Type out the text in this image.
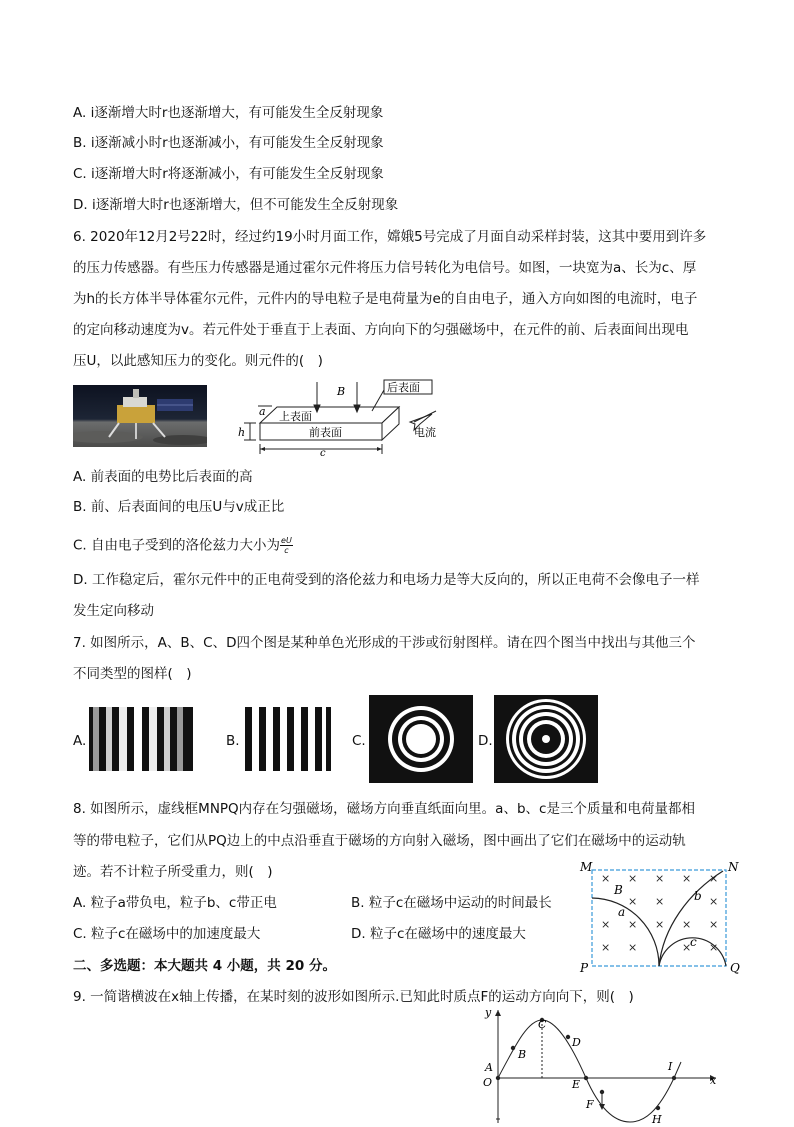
A. i逐渐增大时r也逐渐增大，有可能发生全反射现象
B. i逐渐减小时r也逐渐减小，有可能发生全反射现象
C. i逐渐增大时r将逐渐减小，有可能发生全反射现象
D. i逐渐增大时r也逐渐增大，但不可能发生全反射现象
6. 2020年12月2号22时，经过约19小时月面工作，嫦娥5号完成了月面自动采样封装，这其中要用到许多
的压力传感器。有些压力传感器是通过霍尔元件将压力信号转化为电信号。如图，一块宽为a、长为c、厚
为h的长方体半导体霍尔元件，元件内的导电粒子是电荷量为e的自由电子，通入方向如图的电流时，电子
的定向移动速度为v。若元件处于垂直于上表面、方向向下的匀强磁场中，在元件的前、后表面间出现电
压U，以此感知压力的变化。则元件的(　)
B	后表面
上表面
前表面	电流
a
h
c
A. 前表面的电势比后表面的高
B. 前、后表面间的电压U与v成正比
C. 自由电子受到的洛伦兹力大小为 $\frac{eU}{c}$
D. 工作稳定后，霍尔元件中的正电荷受到的洛伦兹力和电场力是等大反向的，所以正电荷不会像电子一样
发生定向移动
7. 如图所示，A、B、C、D四个图是某种单色光形成的干涉或衍射图样。请在四个图当中找出与其他三个
不同类型的图样(　)
A.	B.	C.	D.
8. 如图所示，虚线框MNPQ内存在匀强磁场，磁场方向垂直纸面向里。a、b、c是三个质量和电荷量都相
等的带电粒子，它们从PQ边上的中点沿垂直于磁场的方向射入磁场，图中画出了它们在磁场中的运动轨
迹。若不计粒子所受重力，则(　)
A. 粒子a带负电，粒子b、c带正电	B. 粒子c在磁场中运动的时间最长
C. 粒子c在磁场中的加速度最大	D. 粒子c在磁场中的速度最大
× × × × ×
× ×	×
× × × × ×
× ×	× ×
M	N
P	Q
B
a
b
c
二、多选题：本大题共 4 小题，共 20 分。
9. 一简谐横波在x轴上传播，在某时刻的波形如图所示.已知此时质点F的运动方向向下，则(　)
y
x
O
A
B
C
D
E
F
H
I
